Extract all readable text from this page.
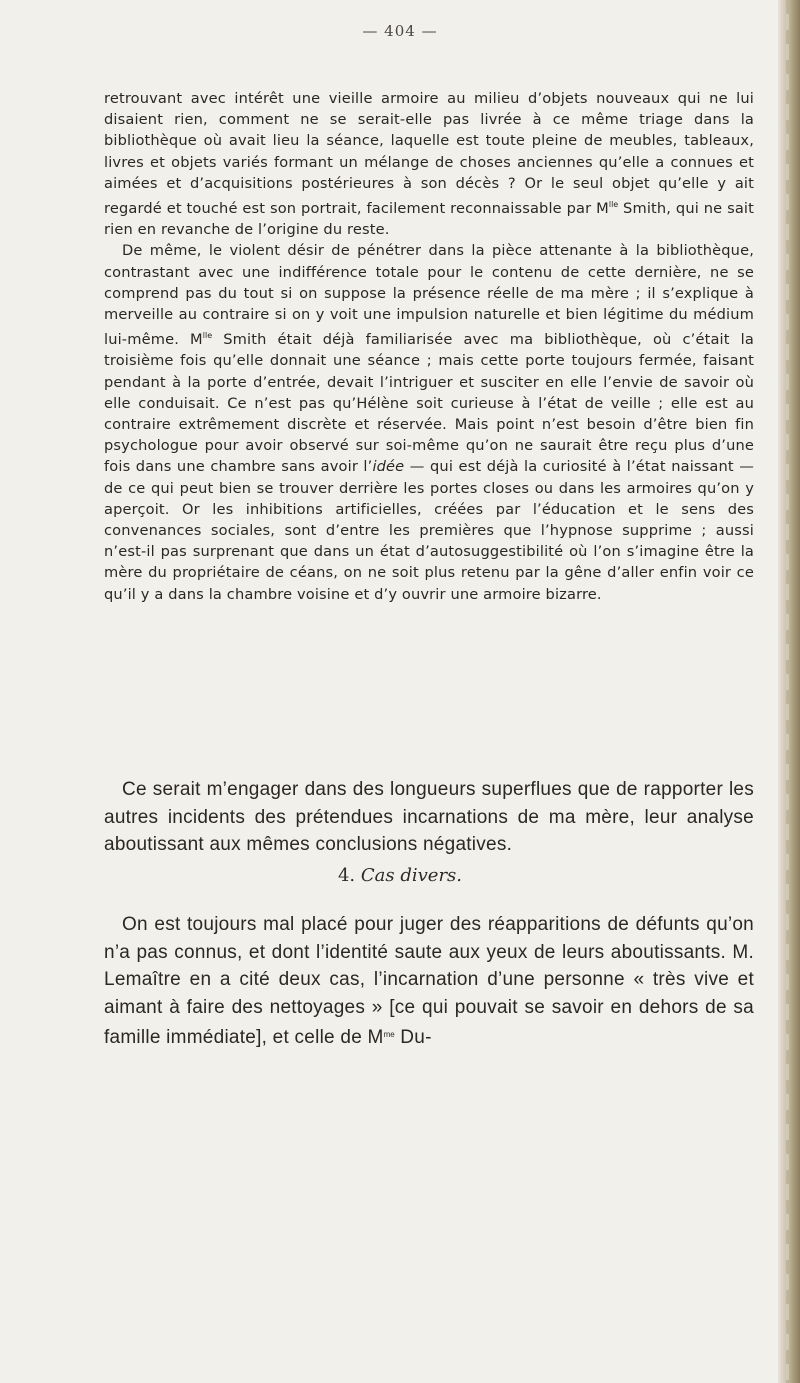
— 404 —

retrouvant avec intérêt une vieille armoire au milieu d’objets nouveaux qui ne lui disaient rien, comment ne se serait-elle pas livrée à ce même triage dans la bibliothèque où avait lieu la séance, laquelle est toute pleine de meubles, tableaux, livres et objets variés formant un mélange de choses anciennes qu’elle a connues et aimées et d’acquisitions postérieures à son décès ? Or le seul objet qu’elle y ait regardé et touché est son portrait, facilement reconnaissable par $M^{lle}$ Smith, qui ne sait rien en revanche de l’origine du reste.

De même, le violent désir de pénétrer dans la pièce attenante à la bibliothèque, contrastant avec une indifférence totale pour le contenu de cette dernière, ne se comprend pas du tout si on suppose la présence réelle de ma mère ; il s’explique à merveille au contraire si on y voit une impulsion naturelle et bien légitime du médium lui-même. $M^{lle}$ Smith était déjà familiarisée avec ma bibliothèque, où c’était la troisième fois qu’elle donnait une séance ; mais cette porte toujours fermée, faisant pendant à la porte d’entrée, devait l’intriguer et susciter en elle l’envie de savoir où elle conduisait. Ce n’est pas qu’Hélène soit curieuse à l’état de veille ; elle est au contraire extrêmement discrète et réservée. Mais point n’est besoin d’être bien fin psychologue pour avoir observé sur soi-même qu’on ne saurait être reçu plus d’une fois dans une chambre sans avoir l’idée — qui est déjà la curiosité à l’état naissant — de ce qui peut bien se trouver derrière les portes closes ou dans les armoires qu’on y aperçoit. Or les inhibitions artificielles, créées par l’éducation et le sens des convenances sociales, sont d’entre les premières que l’hypnose supprime ; aussi n’est-il pas surprenant que dans un état d’autosuggestibilité où l’on s’imagine être la mère du propriétaire de céans, on ne soit plus retenu par la gêne d’aller enfin voir ce qu’il y a dans la chambre voisine et d’y ouvrir une armoire bizarre.

Ce serait m’engager dans des longueurs superflues que de rapporter les autres incidents des prétendues incarnations de ma mère, leur analyse aboutissant aux mêmes conclusions négatives.

4. Cas divers.

On est toujours mal placé pour juger des réapparitions de défunts qu’on n’a pas connus, et dont l’identité saute aux yeux de leurs aboutissants. M. Lemaître en a cité deux cas, l’incarnation d’une personne « très vive et aimant à faire des nettoyages » [ce qui pouvait se savoir en dehors de sa famille immédiate], et celle de $M^{me}$ Du-
